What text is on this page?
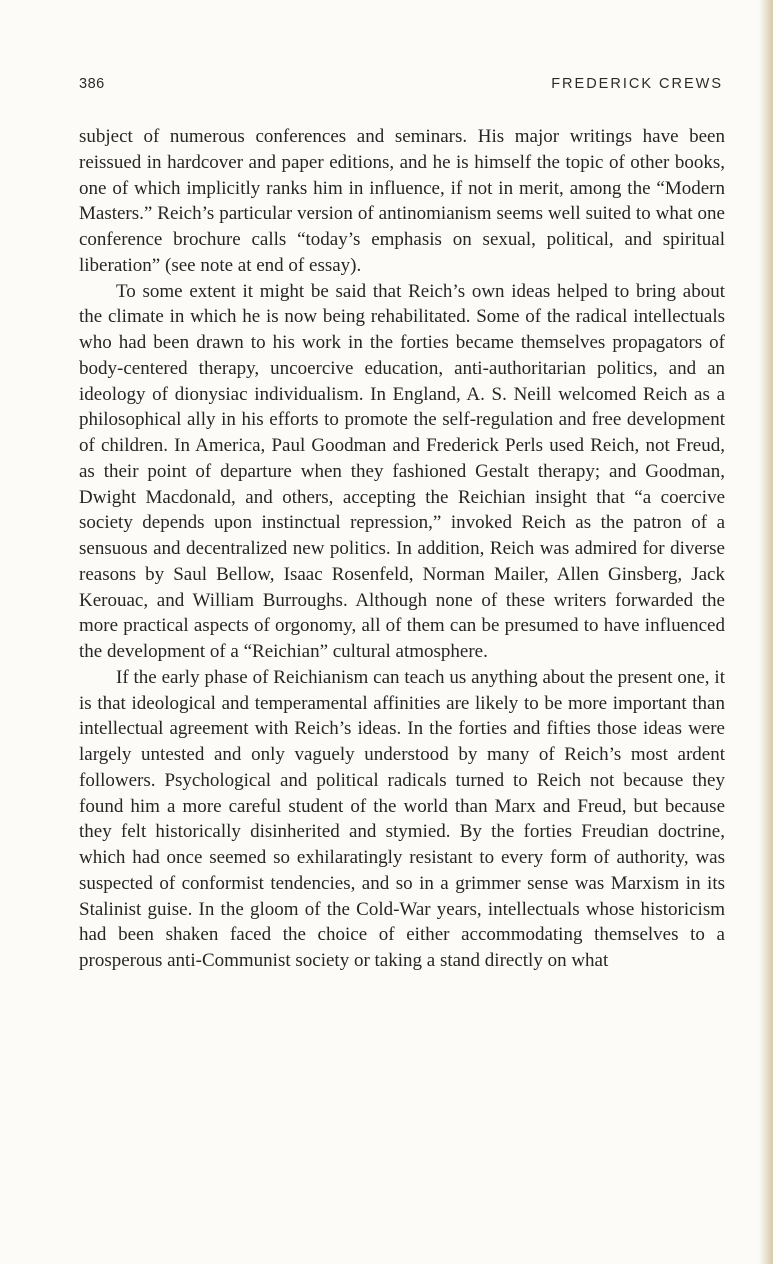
386	FREDERICK CREWS

subject of numerous conferences and seminars. His major writings have been reissued in hardcover and paper editions, and he is himself the topic of other books, one of which implicitly ranks him in influence, if not in merit, among the “Modern Masters.” Reich’s particular version of antinomianism seems well suited to what one conference brochure calls “today’s emphasis on sexual, political, and spiritual liberation” (see note at end of essay).

To some extent it might be said that Reich’s own ideas helped to bring about the climate in which he is now being rehabilitated. Some of the radical intellectuals who had been drawn to his work in the forties became themselves propagators of body-centered therapy, uncoercive education, anti-authoritarian politics, and an ideology of dionysiac individualism. In England, A. S. Neill welcomed Reich as a philosophical ally in his efforts to promote the self-regulation and free development of children. In America, Paul Goodman and Frederick Perls used Reich, not Freud, as their point of departure when they fashioned Gestalt therapy; and Goodman, Dwight Macdonald, and others, accepting the Reichian insight that “a coercive society depends upon instinctual repression,” invoked Reich as the patron of a sensuous and decentralized new politics. In addition, Reich was admired for diverse reasons by Saul Bellow, Isaac Rosenfeld, Norman Mailer, Allen Ginsberg, Jack Kerouac, and William Burroughs. Although none of these writers forwarded the more practical aspects of orgonomy, all of them can be presumed to have influenced the development of a “Reichian” cultural atmosphere.

If the early phase of Reichianism can teach us anything about the present one, it is that ideological and temperamental affinities are likely to be more important than intellectual agreement with Reich’s ideas. In the forties and fifties those ideas were largely untested and only vaguely understood by many of Reich’s most ardent followers. Psychological and political radicals turned to Reich not because they found him a more careful student of the world than Marx and Freud, but because they felt historically disinherited and stymied. By the forties Freudian doctrine, which had once seemed so exhilaratingly resistant to every form of authority, was suspected of conformist tendencies, and so in a grimmer sense was Marxism in its Stalinist guise. In the gloom of the Cold-War years, intellectuals whose historicism had been shaken faced the choice of either accommodating themselves to a prosperous anti-Communist society or taking a stand directly on what
